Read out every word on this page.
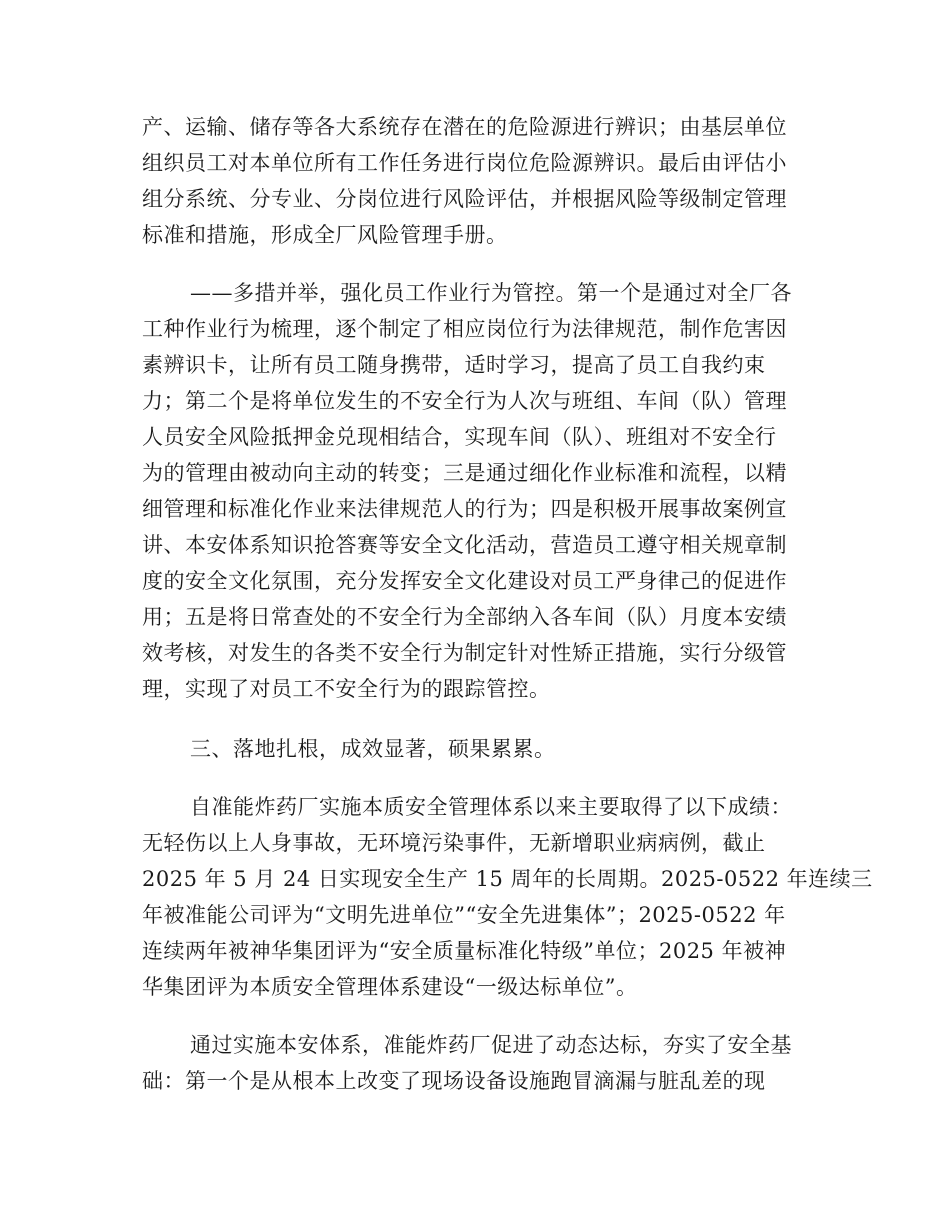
产、运输、储存等各大系统存在潜在的危险源进行辨识；由基层单位
组织员工对本单位所有工作任务进行岗位危险源辨识。最后由评估小
组分系统、分专业、分岗位进行风险评估，并根据风险等级制定管理
标准和措施，形成全厂风险管理手册。
——多措并举，强化员工作业行为管控。第一个是通过对全厂各
工种作业行为梳理，逐个制定了相应岗位行为法律规范，制作危害因
素辨识卡，让所有员工随身携带，适时学习，提高了员工自我约束
力；第二个是将单位发生的不安全行为人次与班组、车间（队）管理
人员安全风险抵押金兑现相结合，实现车间（队）、班组对不安全行
为的管理由被动向主动的转变；三是通过细化作业标准和流程，以精
细管理和标准化作业来法律规范人的行为；四是积极开展事故案例宣
讲、本安体系知识抢答赛等安全文化活动，营造员工遵守相关规章制
度的安全文化氛围，充分发挥安全文化建设对员工严身律己的促进作
用；五是将日常查处的不安全行为全部纳入各车间（队）月度本安绩
效考核，对发生的各类不安全行为制定针对性矫正措施，实行分级管
理，实现了对员工不安全行为的跟踪管控。
三、落地扎根，成效显著，硕果累累。
自准能炸药厂实施本质安全管理体系以来主要取得了以下成绩：
无轻伤以上人身事故，无环境污染事件，无新增职业病病例，截止
2025 年 5 月 24 日实现安全生产 15 周年的长周期。2025-0522 年连续三
年被准能公司评为“文明先进单位”“安全先进集体”；2025-0522 年
连续两年被神华集团评为“安全质量标准化特级”单位；2025 年被神
华集团评为本质安全管理体系建设“一级达标单位”。
通过实施本安体系，准能炸药厂促进了动态达标，夯实了安全基
础：第一个是从根本上改变了现场设备设施跑冒滴漏与脏乱差的现
